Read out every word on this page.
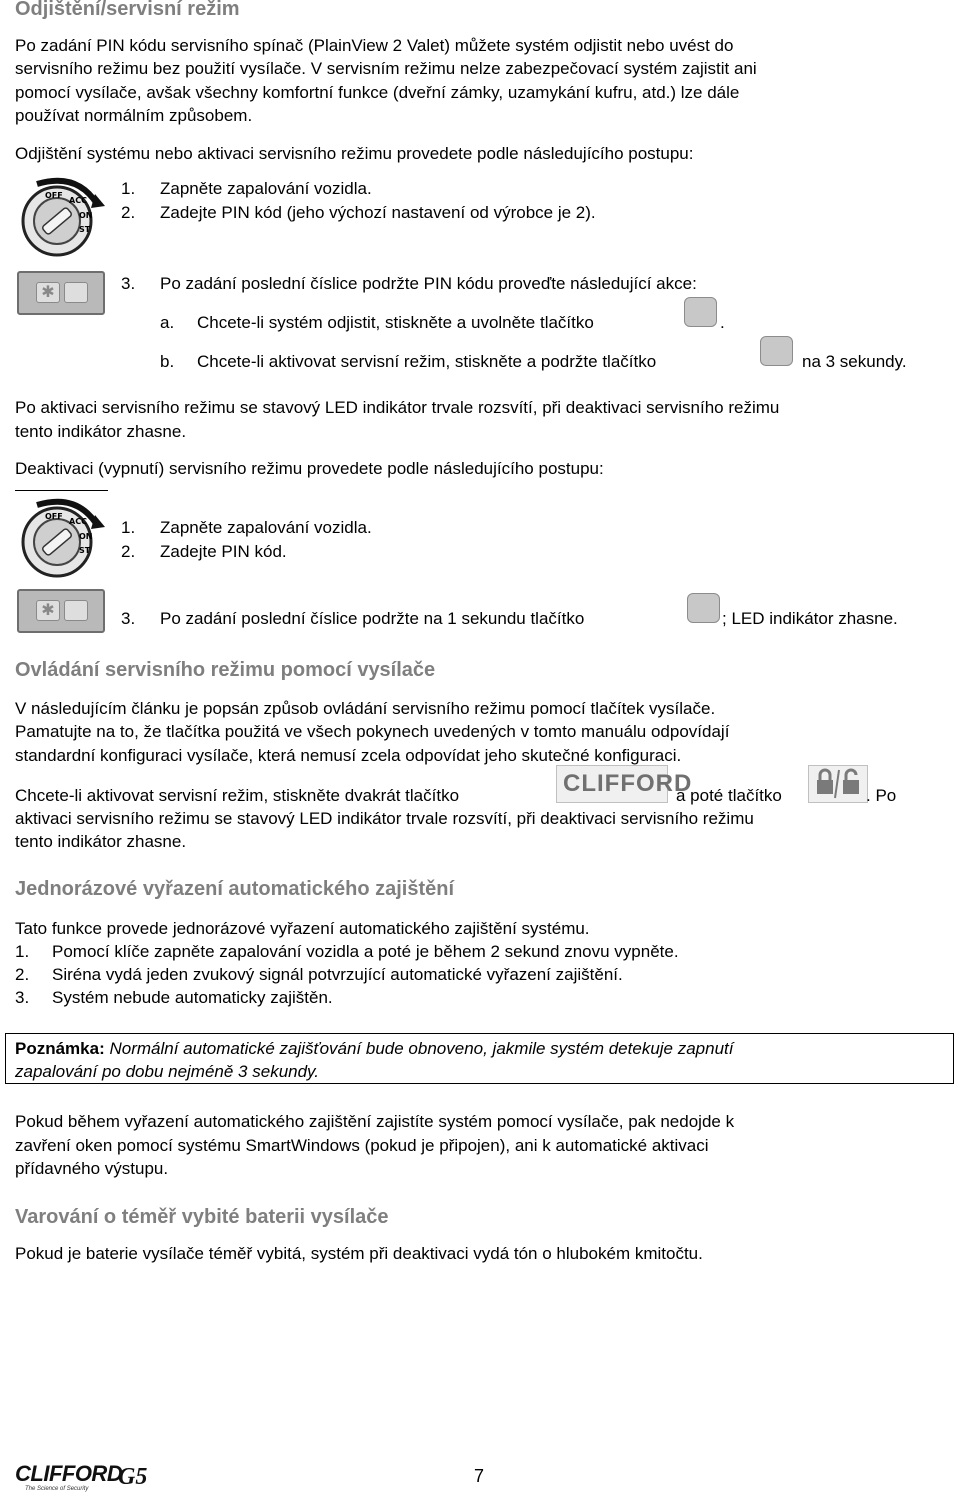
Odjištění/servisní režim
Po zadání PIN kódu servisního spínač (PlainView 2 Valet) můžete systém odjistit nebo uvést do
servisního režimu bez použití vysílače. V servisním režimu nelze zabezpečovací systém zajistit ani
pomocí vysílače, avšak všechny komfortní funkce (dveřní zámky, uzamykání kufru, atd.) lze dále
používat normálním způsobem.
Odjištění systému nebo aktivaci servisního režimu provedete podle následujícího postupu:
OFF
ACC
ON
ST
1.	Zapněte zapalování vozidla.
2.	Zadejte PIN kód (jeho výchozí nastavení od výrobce je 2).
✱	3.	Po zadání poslední číslice podržte PIN kódu proveďte následující akce:
a. Chcete-li systém odjistit, stiskněte a uvolněte tlačítko	.
b. Chcete-li aktivovat servisní režim, stiskněte a podržte tlačítko	na 3 sekundy.
Po aktivaci servisního režimu se stavový LED indikátor trvale rozsvítí, při deaktivaci servisního režimu
tento indikátor zhasne.
Deaktivaci (vypnutí) servisního režimu provedete podle následujícího postupu:
OFF
ACC
ON
ST
1.	Zapněte zapalování vozidla.
2.	Zadejte PIN kód.
✱	3.	Po zadání poslední číslice podržte na 1 sekundu tlačítko	; LED indikátor zhasne.
Ovládání servisního režimu pomocí vysílače
V následujícím článku je popsán způsob ovládání servisního režimu pomocí tlačítek vysílače.
Pamatujte na to, že tlačítka použitá ve všech pokynech uvedených v tomto manuálu odpovídají
standardní konfiguraci vysílače, která nemusí zcela odpovídat jeho skutečné konfiguraci.
Chcete-li aktivovat servisní režim, stiskněte dvakrát tlačítko	CLIFFORD
a poté tlačítko	. Po
aktivaci servisního režimu se stavový LED indikátor trvale rozsvítí, při deaktivaci servisního režimu
tento indikátor zhasne.
Jednorázové vyřazení automatického zajištění
Tato funkce provede jednorázové vyřazení automatického zajištění systému.
1.	Pomocí klíče zapněte zapalování vozidla a poté je během 2 sekund znovu vypněte.
2.	Siréna vydá jeden zvukový signál potvrzující automatické vyřazení zajištění.
3.	Systém nebude automaticky zajištěn.
Poznámka: Normální automatické zajišťování bude obnoveno, jakmile systém detekuje zapnutí
zapalování po dobu nejméně 3 sekundy.
Pokud během vyřazení automatického zajištění zajistíte systém pomocí vysílače, pak nedojde k
zavření oken pomocí systému SmartWindows (pokud je připojen), ani k automatické aktivaci
přídavného výstupu.
Varování o téměř vybité baterii vysílače
Pokud je baterie vysílače téměř vybitá, systém při deaktivaci vydá tón o hlubokém kmitočtu.
CLIFFORD
The Science of Security	G5	7
